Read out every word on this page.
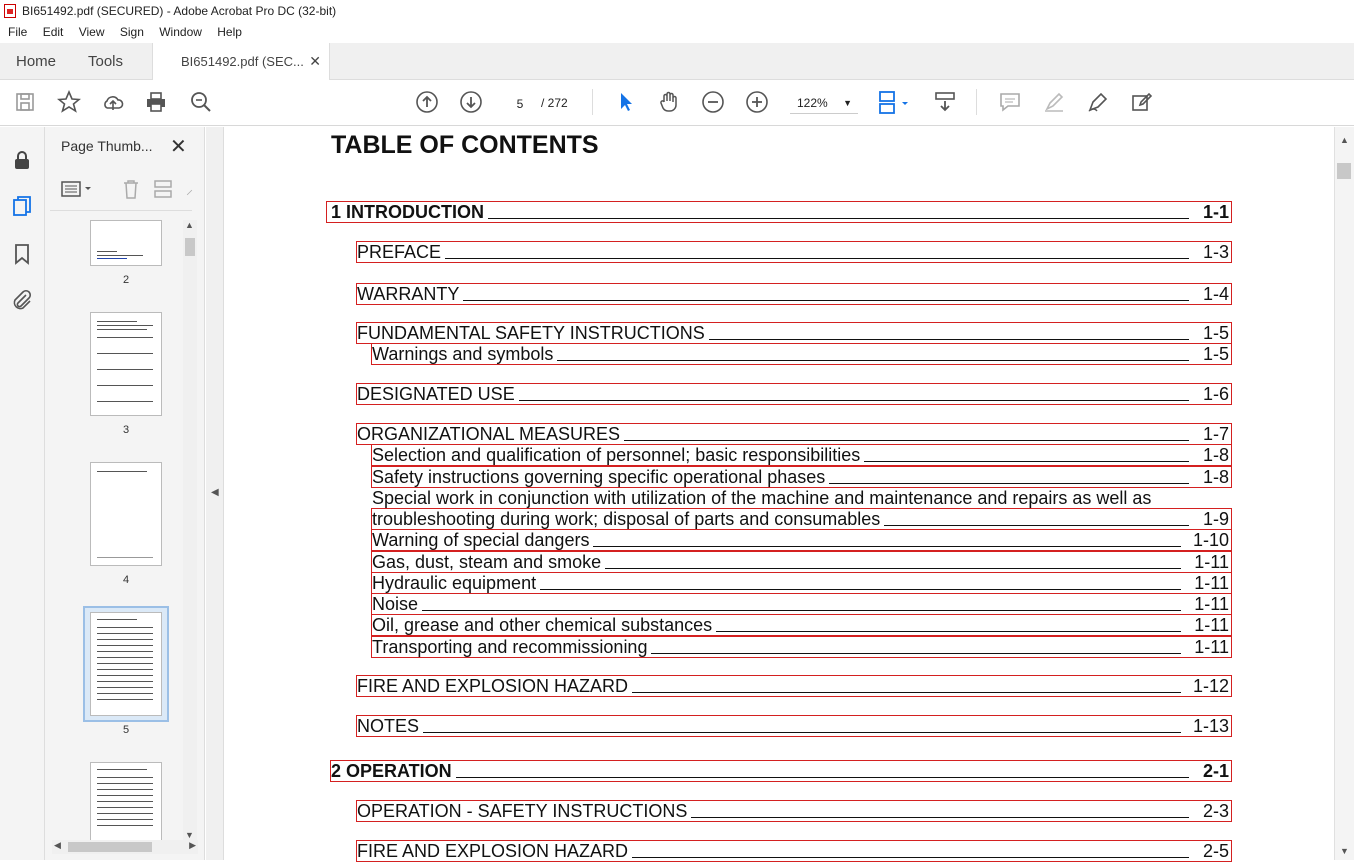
BI651492.pdf (SECURED) - Adobe Acrobat Pro DC (32-bit)
File Edit View Sign Window Help
Home Tools	BI651492.pdf (SEC... ✕
5	/ 272	122% ▼
Page Thumb... ✕
⸝
2
3
4
5
▲
▼
◀	▶
◀
▲
▼
TABLE OF CONTENTS
1 INTRODUCTION	1-1
PREFACE	1-3
WARRANTY	1-4
FUNDAMENTAL SAFETY INSTRUCTIONS	1-5
Warnings and symbols	1-5
DESIGNATED USE	1-6
ORGANIZATIONAL MEASURES	1-7
Selection and qualification of personnel; basic responsibilities	1-8
Safety instructions governing specific operational phases	1-8
Special work in conjunction with utilization of the machine and maintenance and repairs as well as
troubleshooting during work; disposal of parts and consumables	1-9
Warning of special dangers	1-10
Gas, dust, steam and smoke	1-11
Hydraulic equipment	1-11
Noise	1-11
Oil, grease and other chemical substances	1-11
Transporting and recommissioning	1-11
FIRE AND EXPLOSION HAZARD	1-12
NOTES	1-13
2 OPERATION	2-1
OPERATION - SAFETY INSTRUCTIONS	2-3
FIRE AND EXPLOSION HAZARD	2-5
